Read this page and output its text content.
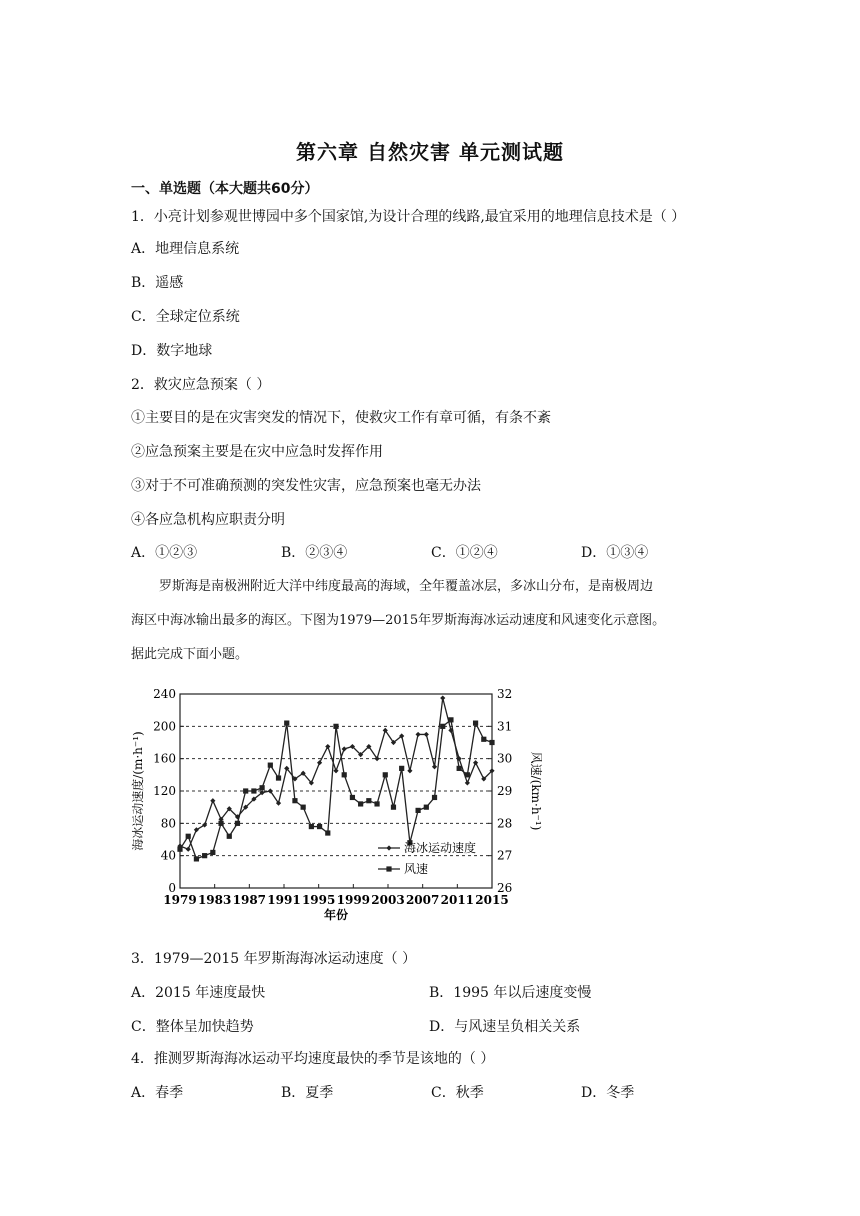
第六章 自然灾害 单元测试题
一、单选题（本大题共60分）
1．小亮计划参观世博园中多个国家馆,为设计合理的线路,最宜采用的地理信息技术是（ ）
A．地理信息系统
B．遥感
C．全球定位系统
D．数字地球
2．救灾应急预案（ ）
①主要目的是在灾害突发的情况下，使救灾工作有章可循，有条不紊
②应急预案主要是在灾中应急时发挥作用
③对于不可准确预测的突发性灾害，应急预案也毫无办法
④各应急机构应职责分明
A．①②③	B．②③④	C．①②④	D．①③④

罗斯海是南极洲附近大洋中纬度最高的海域，全年覆盖冰层，多冰山分布，是南极周边

海区中海冰输出最多的海区。下图为1979—2015年罗斯海海冰运动速度和风速变化示意图。

据此完成下面小题。

0
40
80
120
160
200
240
26
27
28
29
30
31
32
1979 1983 1987 1991 1995 1999 2003 2007 2011 2015
年份
海冰运动速度/(m·h⁻¹)	风速/(km·h⁻¹)
海冰运动速度
风速
3．1979—2015 年罗斯海海冰运动速度（ ）
A．2015 年速度最快	B．1995 年以后速度变慢
C．整体呈加快趋势	D．与风速呈负相关关系
4．推测罗斯海海冰运动平均速度最快的季节是该地的（ ）
A．春季	B．夏季	C．秋季	D．冬季
